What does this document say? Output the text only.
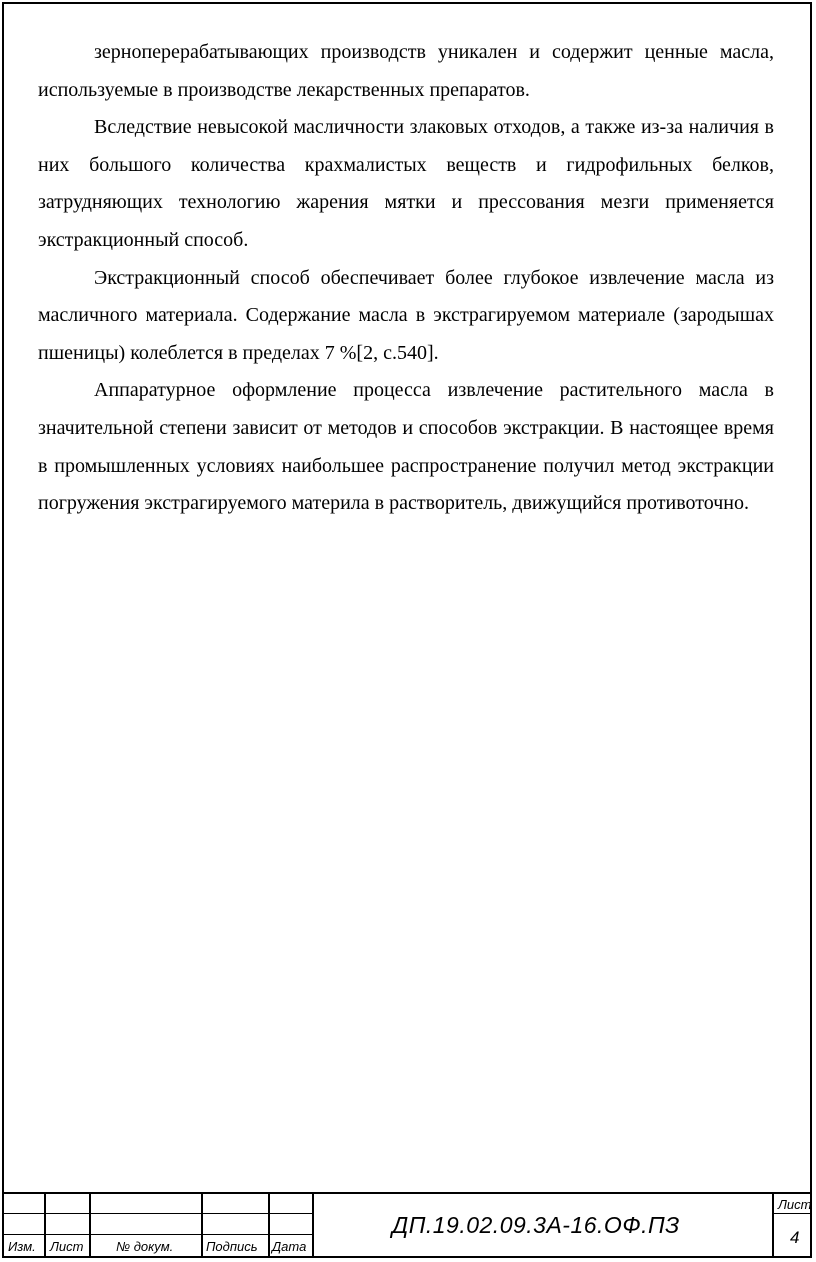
зерноперерабатывающих производств уникален и содержит ценные масла, используемые в производстве лекарственных препаратов.

Вследствие невысокой масличности злаковых отходов, а также из-за наличия в них большого количества крахмалистых веществ и гидрофильных белков, затрудняющих технологию жарения мятки и прессования мезги применяется экстракционный способ.

Экстракционный способ обеспечивает более глубокое извлечение масла из масличного материала. Содержание масла в экстрагируемом материале (зародышах пшеницы) колеблется в пределах 7 %[2, с.540].

Аппаратурное оформление процесса извлечение растительного масла в значительной степени зависит от методов и способов экстракции. В настоящее время в промышленных условиях наибольшее распространение получил метод экстракции погружения экстрагируемого материла в растворитель, движущийся противоточно.

Изм. Лист	№ докум.	Подпись Дата
ДП.19.02.09.3А-16.ОФ.ПЗ
Лист
4
